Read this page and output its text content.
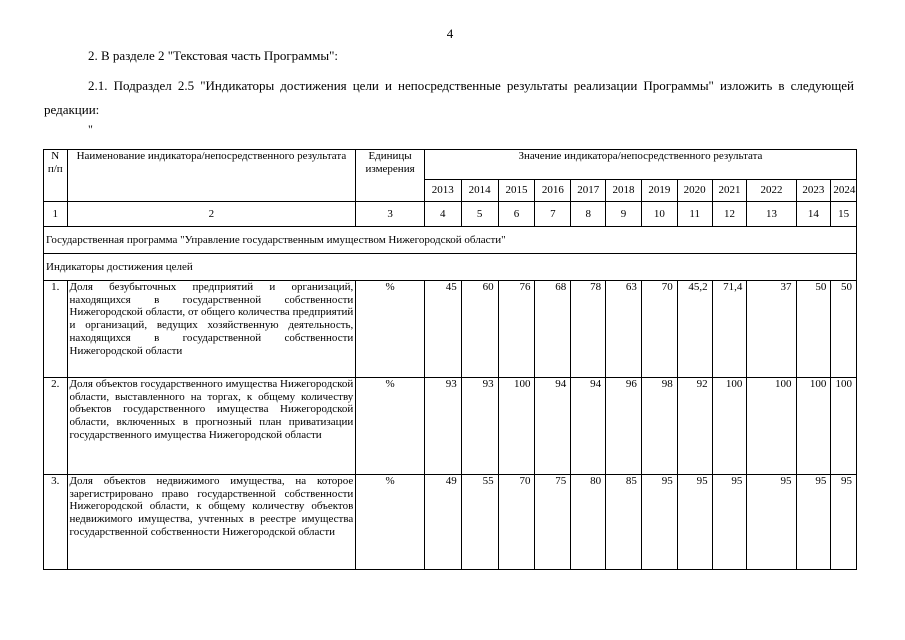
4
2. В разделе 2 "Текстовая часть Программы":
2.1. Подраздел 2.5 "Индикаторы достижения цели и непосредственные результаты реализации Программы" изложить в следующей редакции:
"
N п/п	Наименование индикатора/непосредственного результата	Единицы измерения	Значение индикатора/непосредственного результата											
			2013	2014	2015	2016	2017	2018	2019	2020	2021	2022	2023	2024
1	2	3	4	5	6	7	8	9	10	11	12	13	14	15
Государственная программа "Управление государственным имуществом Нижегородской области"														
Индикаторы достижения целей														
1.	Доля безубыточных предприятий и организаций, находящихся в государственной собственности Нижегородской области, от общего количества предприятий и организаций, ведущих хозяйственную деятельность, находящихся в государственной собственности Нижегородской области	%	45	60	76	68	78	63	70	45,2	71,4	37	50	50
2.	Доля объектов государственного имущества Нижегородской области, выставленного на торгах, к общему количеству объектов государственного имущества Нижегородской области, включенных в прогнозный план приватизации государственного имущества Нижегородской области	%	93	93	100	94	94	96	98	92	100	100	100	100
3.	Доля объектов недвижимого имущества, на которое зарегистрировано право государственной собственности Нижегородской области, к общему количеству объектов недвижимого имущества, учтенных в реестре имущества государственной собственности Нижегородской области	%	49	55	70	75	80	85	95	95	95	95	95	95
